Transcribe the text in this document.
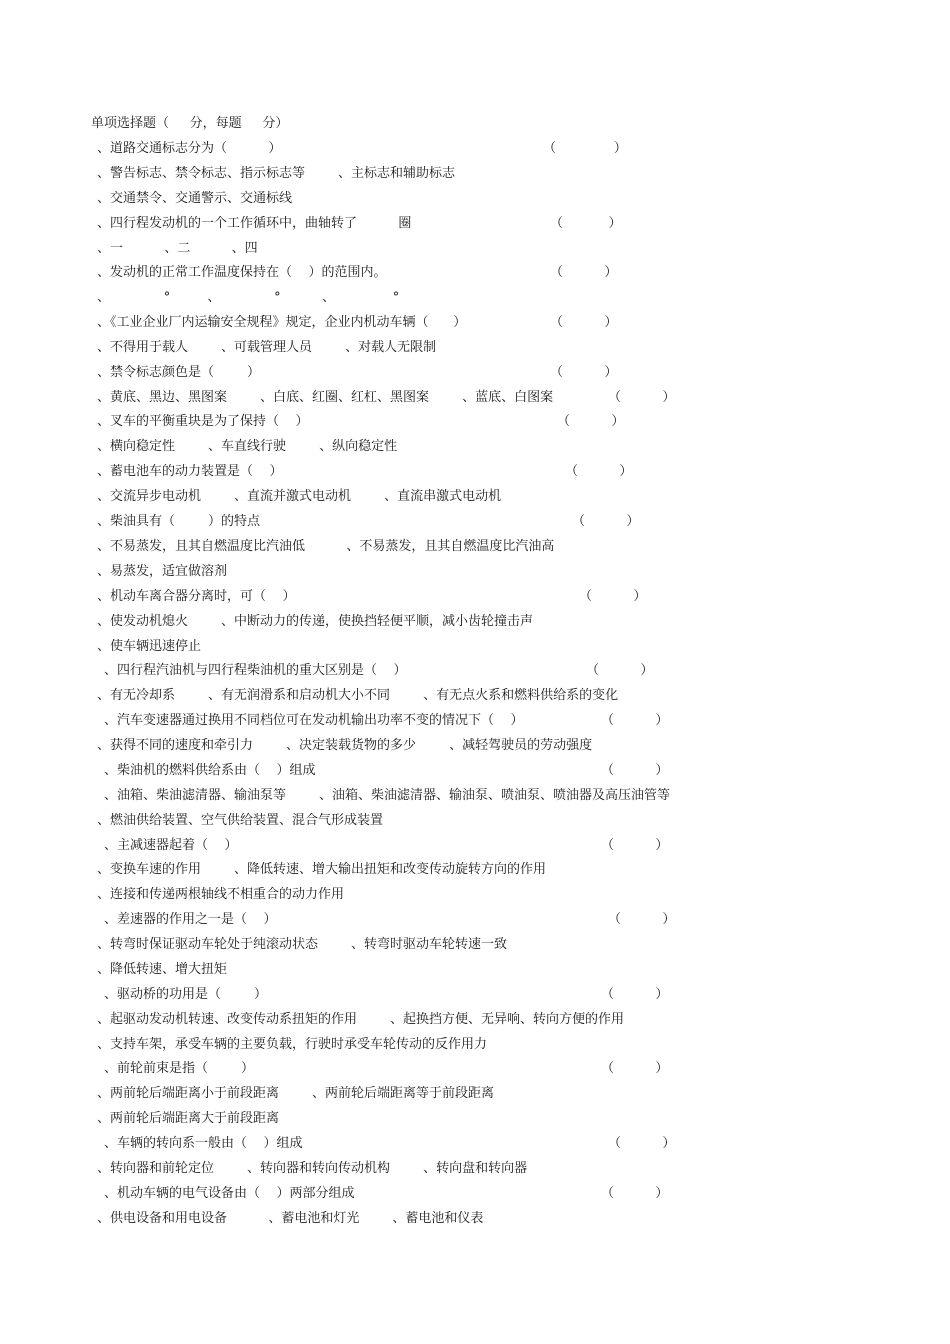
单项选择题（     分，每题     分）
、道路交通标志分为（          ）	（              ）
、警告标志、禁令标志、指示标志等        、主标志和辅助标志
、交通禁令、交通警示、交通标线
、四行程发动机的一个工作循环中，曲轴转了          圈	（           ）
、一          、二          、四
、发动机的正常工作温度保持在（    ）的范围内。	（          ）
、             °         、             °          、              °
、《工业企业厂内运输安全规程》规定，企业内机动车辆（      ）	（          ）
、不得用于载人        、可载管理人员        、对载人无限制
、禁令标志颜色是（        ）	（          ）
、黄底、黑边、黑图案        、白底、红圈、红杠、黑图案        、蓝底、白图案	（          ）
、叉车的平衡重块是为了保持（    ）	（          ）
、横向稳定性        、车直线行驶        、纵向稳定性
、蓄电池车的动力装置是（    ）	（          ）
、交流异步电动机        、直流并激式电动机        、直流串激式电动机
、柴油具有（        ）的特点	（          ）
、不易蒸发，且其自燃温度比汽油低          、不易蒸发，且其自燃温度比汽油高
、易蒸发，适宜做溶剂
、机动车离合器分离时，可（    ）	（          ）
、使发动机熄火        、中断动力的传递，使换挡轻便平顺，减小齿轮撞击声
、使车辆迅速停止
、四行程汽油机与四行程柴油机的重大区别是（    ）	（          ）
、有无冷却系        、有无润滑系和启动机大小不同        、有无点火系和燃料供给系的变化
、汽车变速器通过换用不同档位可在发动机输出功率不变的情况下（    ）	（          ）
、获得不同的速度和牵引力        、决定装载货物的多少        、减轻驾驶员的劳动强度
、柴油机的燃料供给系由（    ）组成	（          ）
、油箱、柴油滤清器、输油泵等        、油箱、柴油滤清器、输油泵、喷油泵、喷油器及高压油管等
、燃油供给装置、空气供给装置、混合气形成装置
、主减速器起着（    ）	（          ）
、变换车速的作用        、降低转速、增大输出扭矩和改变传动旋转方向的作用
、连接和传递两根轴线不相重合的动力作用
、差速器的作用之一是（    ）	（          ）
、转弯时保证驱动车轮处于纯滚动状态        、转弯时驱动车轮转速一致
、降低转速、增大扭矩
、驱动桥的功用是（        ）	（          ）
、起驱动发动机转速、改变传动系扭矩的作用        、起换挡方便、无异响、转向方便的作用
、支持车架，承受车辆的主要负载，行驶时承受车轮传动的反作用力
、前轮前束是指（        ）	（          ）
、两前轮后端距离小于前段距离        、两前轮后端距离等于前段距离
、两前轮后端距离大于前段距离
、车辆的转向系一般由（    ）组成	（          ）
、转向器和前轮定位        、转向器和转向传动机构        、转向盘和转向器
、机动车辆的电气设备由（    ）两部分组成	（          ）
、供电设备和用电设备          、蓄电池和灯光        、蓄电池和仪表
